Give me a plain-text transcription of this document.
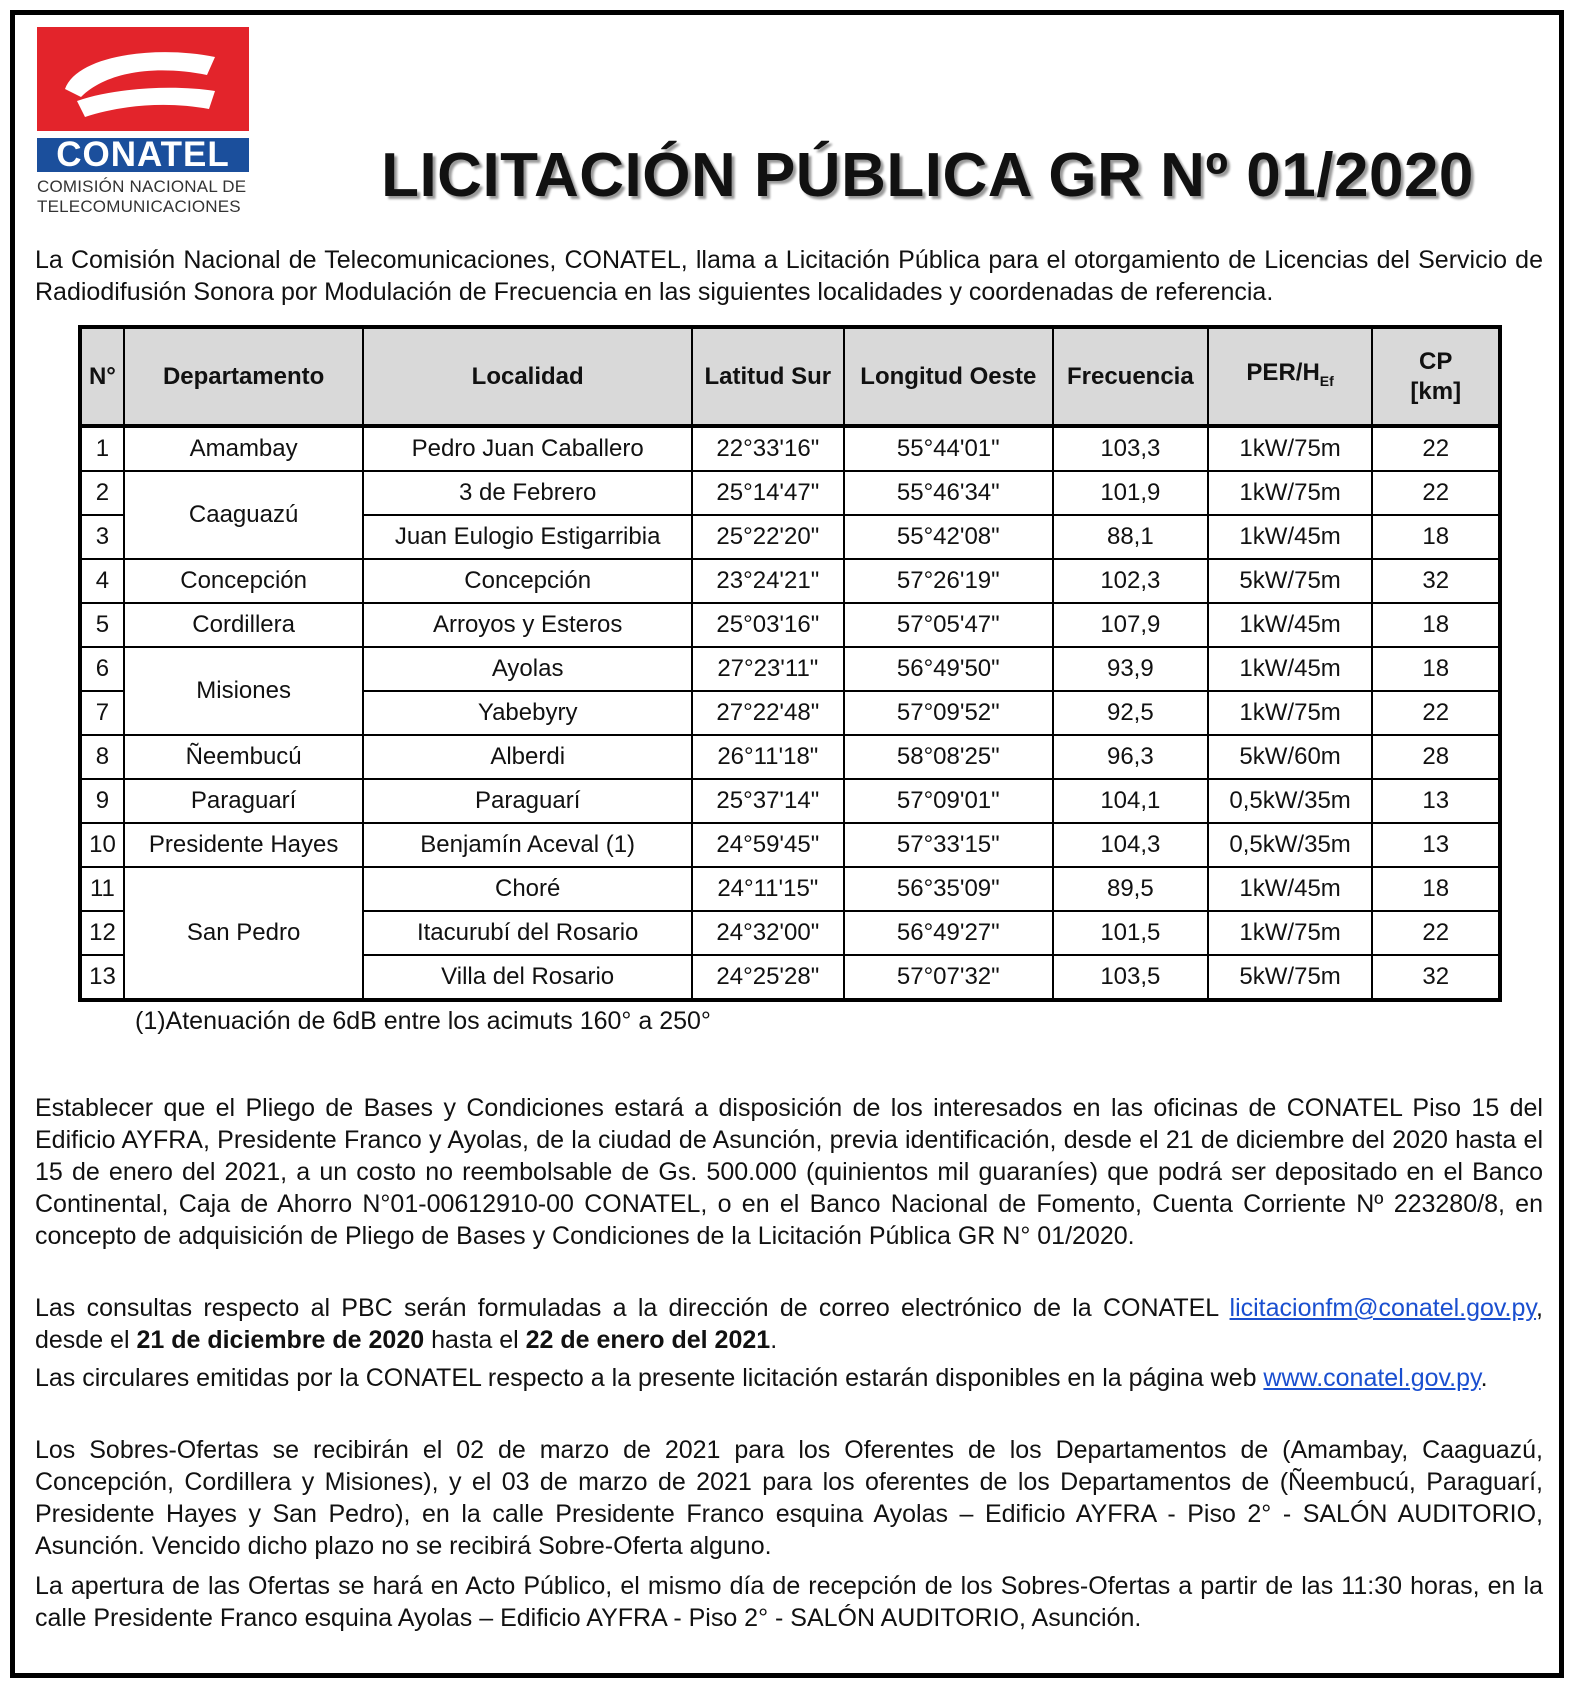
CONATEL
COMISIÓN NACIONAL DE
TELECOMUNICACIONES	LICITACIÓN PÚBLICA GR Nº 01/2020

La Comisión Nacional de Telecomunicaciones, CONATEL, llama a Licitación Pública para el otorgamiento de Licencias del Servicio de Radiodifusión Sonora por Modulación de Frecuencia en las siguientes localidades y coordenadas de referencia.

N°	Departamento	Localidad	Latitud Sur	Longitud Oeste	Frecuencia	PER/$H_{Ef}$	CP
[km]

1	Amambay	Pedro Juan Caballero	22°33'16"	55°44'01"	103,3	1kW/75m	22
2	Caaguazú	3 de Febrero	25°14'47"	55°46'34"	101,9	1kW/75m	22
3		Juan Eulogio Estigarribia	25°22'20"	55°42'08"	88,1	1kW/45m	18
4	Concepción	Concepción	23°24'21"	57°26'19"	102,3	5kW/75m	32
5	Cordillera	Arroyos y Esteros	25°03'16"	57°05'47"	107,9	1kW/45m	18
6	Misiones	Ayolas	27°23'11"	56°49'50"	93,9	1kW/45m	18
7		Yabebyry	27°22'48"	57°09'52"	92,5	1kW/75m	22
8	Ñeembucú	Alberdi	26°11'18"	58°08'25"	96,3	5kW/60m	28
9	Paraguarí	Paraguarí	25°37'14"	57°09'01"	104,1	0,5kW/35m	13
10	Presidente Hayes	Benjamín Aceval (1)	24°59'45"	57°33'15"	104,3	0,5kW/35m	13
11	San Pedro	Choré	24°11'15"	56°35'09"	89,5	1kW/45m	18
12		Itacurubí del Rosario	24°32'00"	56°49'27"	101,5	1kW/75m	22
13		Villa del Rosario	24°25'28"	57°07'32"	103,5	5kW/75m	32
(1)Atenuación de 6dB entre los acimuts 160° a 250°

Establecer que el Pliego de Bases y Condiciones estará a disposición de los interesados en las oficinas de CONATEL Piso 15 del Edificio AYFRA, Presidente Franco y Ayolas, de la ciudad de Asunción, previa identificación, desde el 21 de diciembre del 2020 hasta el 15 de enero del 2021, a un costo no reembolsable de Gs. 500.000 (quinientos mil guaraníes) que podrá ser depositado en el Banco Continental, Caja de Ahorro N°01-00612910-00 CONATEL, o en el Banco Nacional de Fomento, Cuenta Corriente Nº 223280/8, en concepto de adquisición de Pliego de Bases y Condiciones de la Licitación Pública GR N° 01/2020.

Las consultas respecto al PBC serán formuladas a la dirección de correo electrónico de la CONATEL licitacionfm@conatel.gov.py, desde el 21 de diciembre de 2020 hasta el 22 de enero del 2021.

Las circulares emitidas por la CONATEL respecto a la presente licitación estarán disponibles en la página web www.conatel.gov.py.

Los Sobres-Ofertas se recibirán el 02 de marzo de 2021 para los Oferentes de los Departamentos de (Amambay, Caaguazú, Concepción, Cordillera y Misiones), y el 03 de marzo de 2021 para los oferentes de los Departamentos de (Ñeembucú, Paraguarí, Presidente Hayes y San Pedro), en la calle Presidente Franco esquina Ayolas – Edificio AYFRA - Piso 2° - SALÓN AUDITORIO, Asunción. Vencido dicho plazo no se recibirá Sobre-Oferta alguno.

La apertura de las Ofertas se hará en Acto Público, el mismo día de recepción de los Sobres-Ofertas a partir de las 11:30 horas, en la calle Presidente Franco esquina Ayolas – Edificio AYFRA - Piso 2° - SALÓN AUDITORIO, Asunción.
